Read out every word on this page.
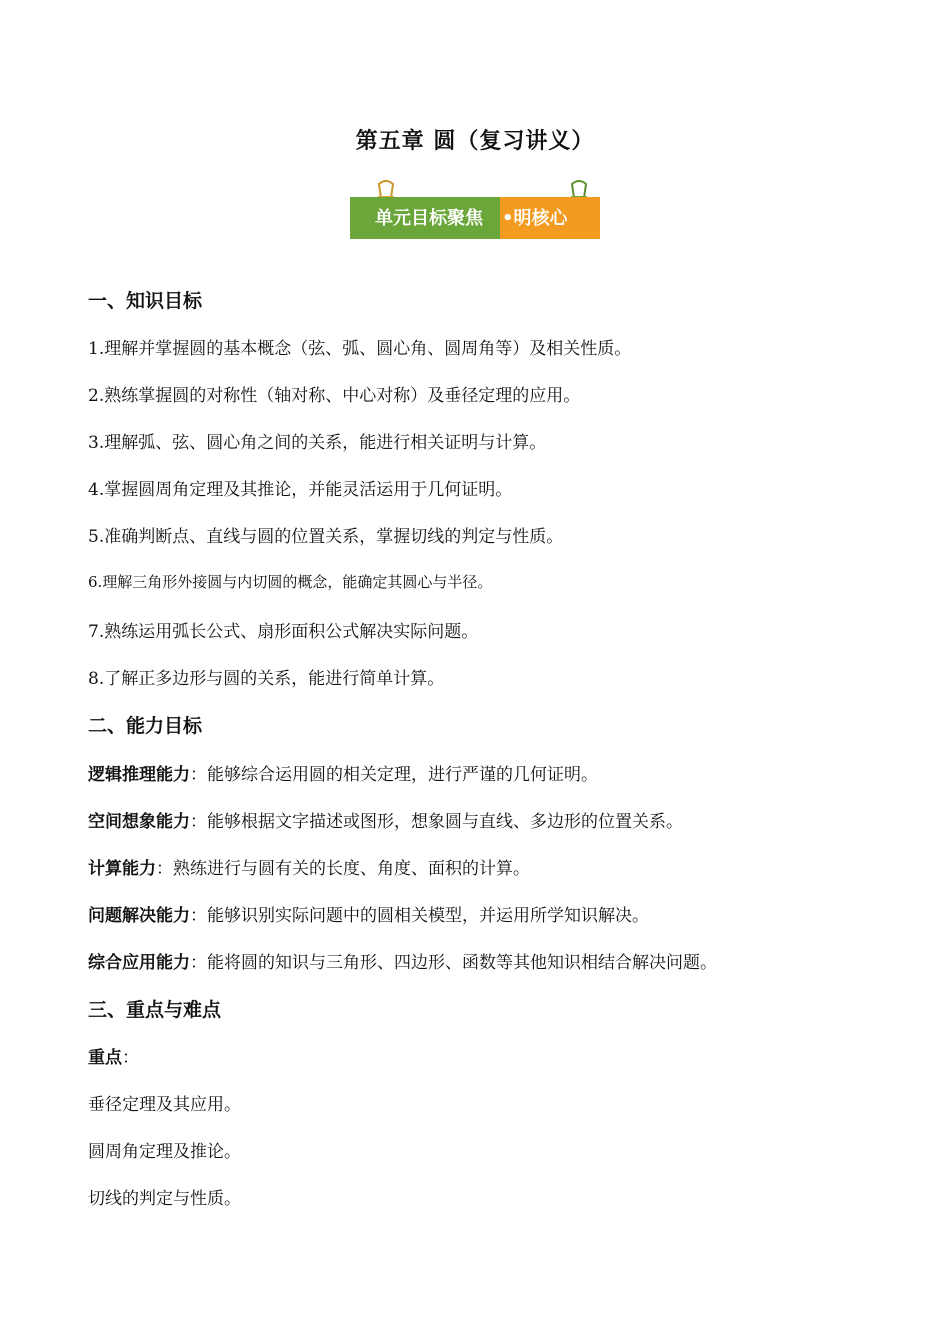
第五章 圆（复习讲义）
单元目标聚焦 •明核心
一、知识目标
1.理解并掌握圆的基本概念（弦、弧、圆心角、圆周角等）及相关性质。
2.熟练掌握圆的对称性（轴对称、中心对称）及垂径定理的应用。
3.理解弧、弦、圆心角之间的关系，能进行相关证明与计算。
4.掌握圆周角定理及其推论，并能灵活运用于几何证明。
5.准确判断点、直线与圆的位置关系，掌握切线的判定与性质。
6.理解三角形外接圆与内切圆的概念，能确定其圆心与半径。
7.熟练运用弧长公式、扇形面积公式解决实际问题。
8.了解正多边形与圆的关系，能进行简单计算。
二、能力目标
逻辑推理能力：能够综合运用圆的相关定理，进行严谨的几何证明。
空间想象能力：能够根据文字描述或图形，想象圆与直线、多边形的位置关系。
计算能力：熟练进行与圆有关的长度、角度、面积的计算。
问题解决能力：能够识别实际问题中的圆相关模型，并运用所学知识解决。
综合应用能力：能将圆的知识与三角形、四边形、函数等其他知识相结合解决问题。
三、重点与难点
重点：
垂径定理及其应用。
圆周角定理及推论。
切线的判定与性质。
